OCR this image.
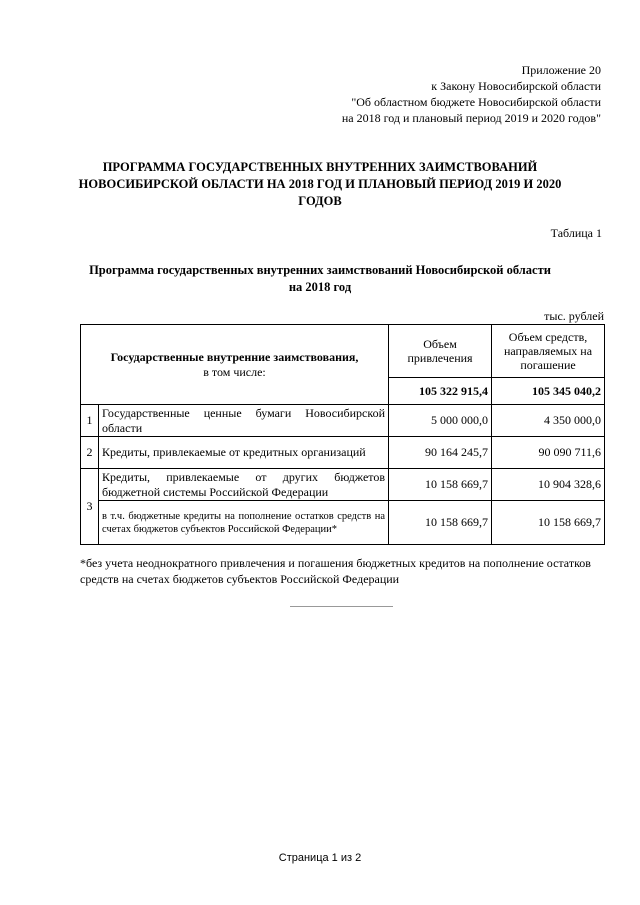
Приложение 20
к Закону Новосибирской области
"Об областном бюджете Новосибирской области
на 2018 год и плановый период 2019 и 2020 годов"
ПРОГРАММА ГОСУДАРСТВЕННЫХ ВНУТРЕННИХ ЗАИМСТВОВАНИЙ
НОВОСИБИРСКОЙ ОБЛАСТИ НА 2018 ГОД И ПЛАНОВЫЙ ПЕРИОД 2019 И 2020
ГОДОВ
Таблица 1
Программа государственных внутренних заимствований Новосибирской области
на 2018 год
тыс. рублей
Государственные внутренние заимствования,
в том числе:		Объем привлечения	Объем средств, направляемых на погашение
		105 322 915,4	105 345 040,2
1	Государственные ценные бумаги Новосибирской области	5 000 000,0	4 350 000,0
2	Кредиты, привлекаемые от кредитных организаций	90 164 245,7	90 090 711,6
3	Кредиты, привлекаемые от других бюджетов бюджетной системы Российской Федерации	10 158 669,7	10 904 328,6
	в т.ч. бюджетные кредиты на пополнение остатков средств на счетах бюджетов субъектов Российской Федерации*	10 158 669,7	10 158 669,7
*без учета неоднократного привлечения и погашения бюджетных кредитов на пополнение остатков средств на счетах бюджетов субъектов Российской Федерации
Страница 1 из 2
